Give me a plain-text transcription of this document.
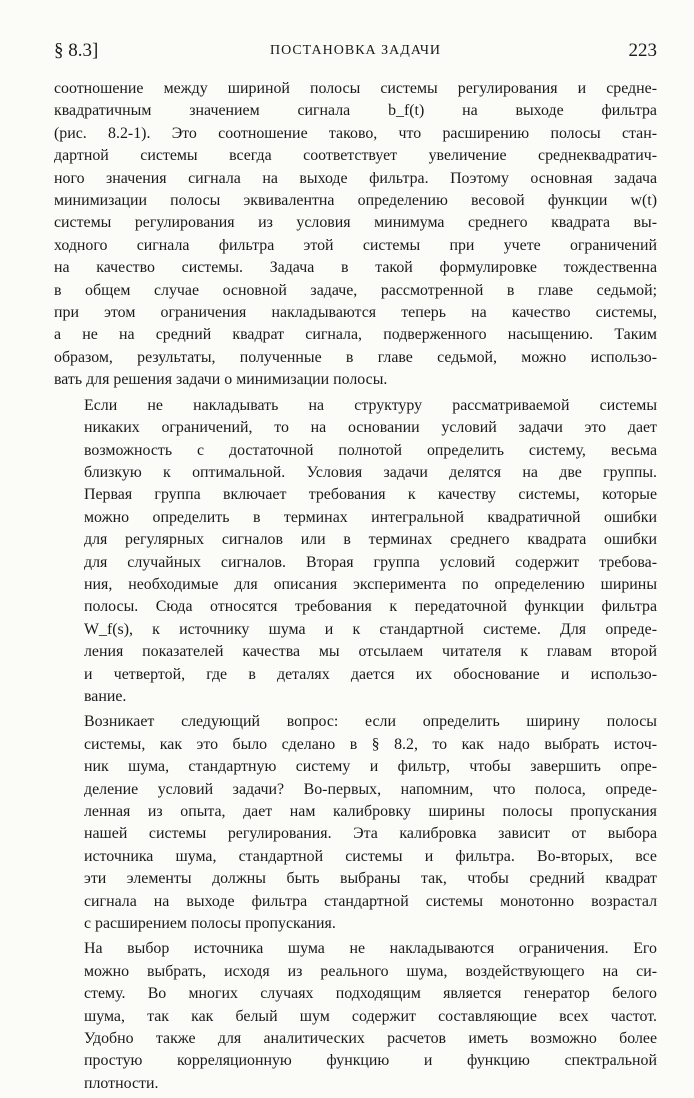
§ 8.3]	ПОСТАНОВКА ЗАДАЧИ	223

соотношение между шириной полосы системы регулирования и средне-
квадратичным значением сигнала b_f(t) на выходе фильтра
(рис. 8.2-1). Это соотношение таково, что расширению полосы стан-
дартной системы всегда соответствует увеличение среднеквадратич-
ного значения сигнала на выходе фильтра. Поэтому основная задача
минимизации полосы эквивалентна определению весовой функции w(t)
системы регулирования из условия минимума среднего квадрата вы-
ходного сигнала фильтра этой системы при учете ограничений
на качество системы. Задача в такой формулировке тождественна
в общем случае основной задаче, рассмотренной в главе седьмой;
при этом ограничения накладываются теперь на качество системы,
а не на средний квадрат сигнала, подверженного насыщению. Таким
образом, результаты, полученные в главе седьмой, можно использо-
вать для решения задачи о минимизации полосы.

Если не накладывать на структуру рассматриваемой системы
никаких ограничений, то на основании условий задачи это дает
возможность с достаточной полнотой определить систему, весьма
близкую к оптимальной. Условия задачи делятся на две группы.
Первая группа включает требования к качеству системы, которые
можно определить в терминах интегральной квадратичной ошибки
для регулярных сигналов или в терминах среднего квадрата ошибки
для случайных сигналов. Вторая группа условий содержит требова-
ния, необходимые для описания эксперимента по определению ширины
полосы. Сюда относятся требования к передаточной функции фильтра
W_f(s), к источнику шума и к стандартной системе. Для опреде-
ления показателей качества мы отсылаем читателя к главам второй
и четвертой, где в деталях дается их обоснование и использо-
вание.

Возникает следующий вопрос: если определить ширину полосы
системы, как это было сделано в § 8.2, то как надо выбрать источ-
ник шума, стандартную систему и фильтр, чтобы завершить опре-
деление условий задачи? Во-первых, напомним, что полоса, опреде-
ленная из опыта, дает нам калибровку ширины полосы пропускания
нашей системы регулирования. Эта калибровка зависит от выбора
источника шума, стандартной системы и фильтра. Во-вторых, все
эти элементы должны быть выбраны так, чтобы средний квадрат
сигнала на выходе фильтра стандартной системы монотонно возрастал
с расширением полосы пропускания.

На выбор источника шума не накладываются ограничения. Его
можно выбрать, исходя из реального шума, воздействующего на си-
стему. Во многих случаях подходящим является генератор белого
шума, так как белый шум содержит составляющие всех частот.
Удобно также для аналитических расчетов иметь возможно более
простую корреляционную функцию и функцию спектральной
плотности.
